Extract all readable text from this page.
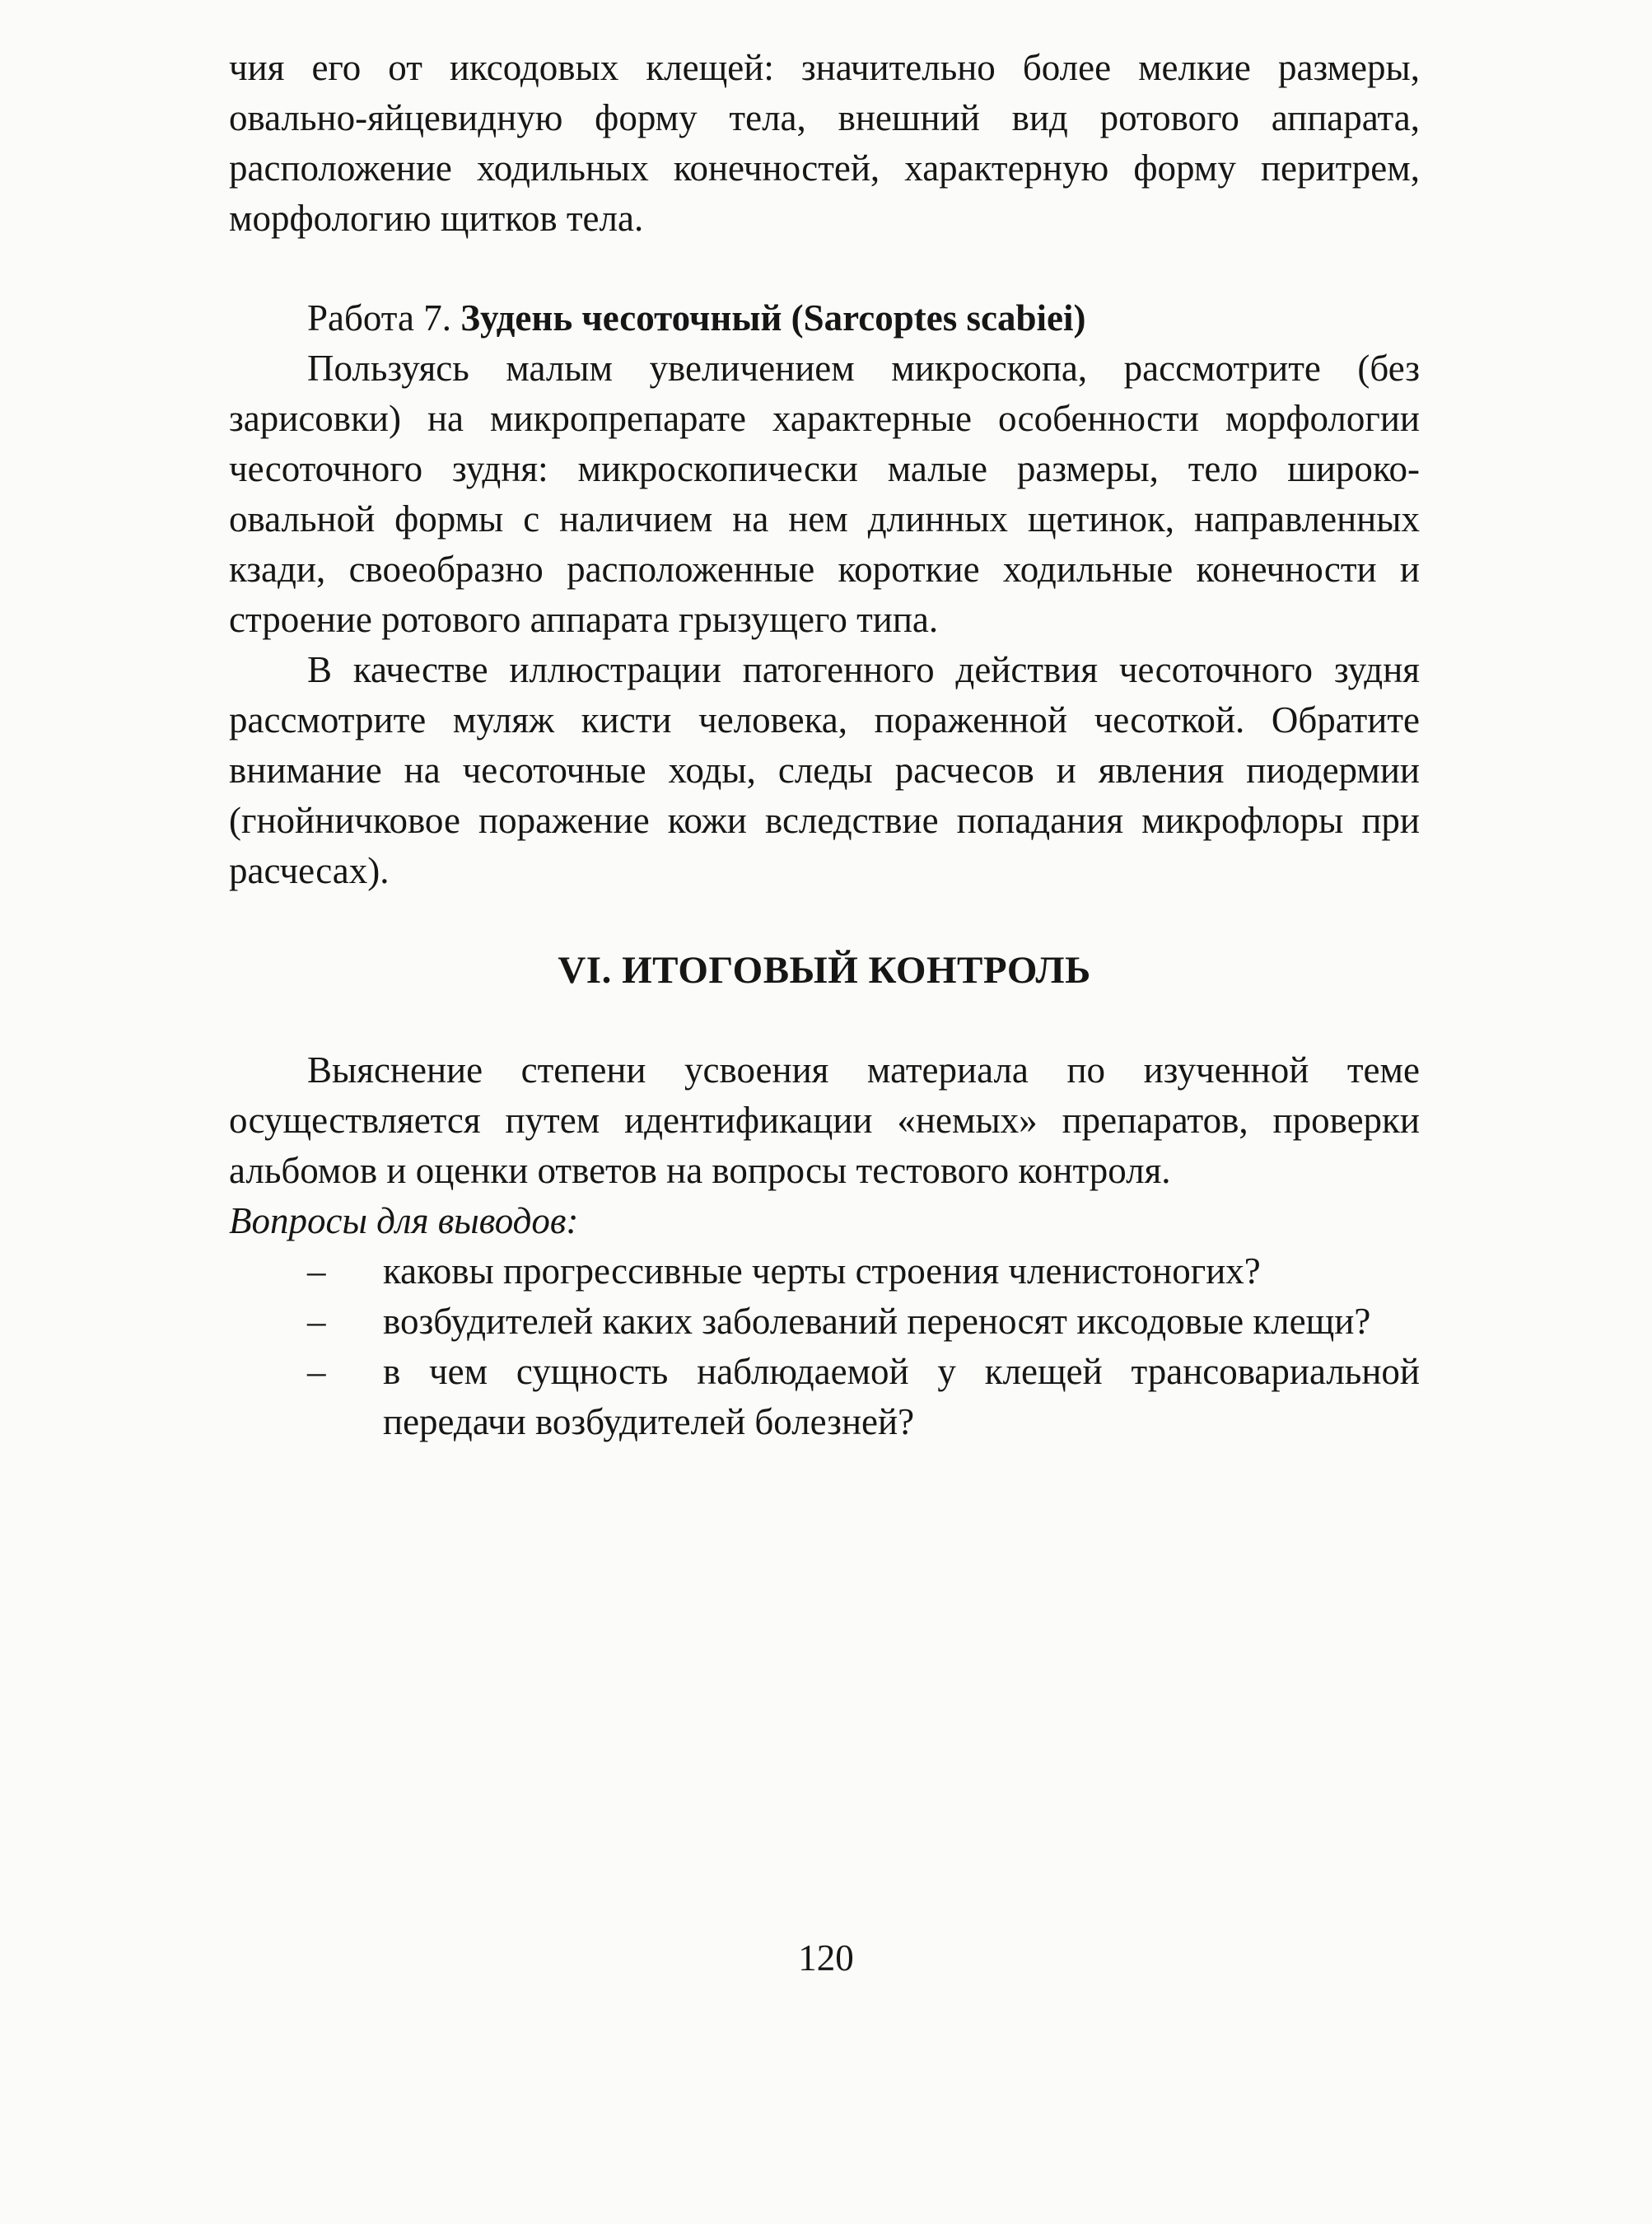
чия его от иксодовых клещей: значительно более мелкие размеры, овально-яйцевидную форму тела, внешний вид ротового аппарата, расположение ходильных конечностей, характерную форму перитрем, морфологию щитков тела.

Работа 7. Зудень чесоточный (Sarcoptes scabiei)

Пользуясь малым увеличением микроскопа, рассмотрите (без зарисовки) на микропрепарате характерные особенности морфологии чесоточного зудня: микроскопически малые размеры, тело широко-овальной формы с наличием на нем длинных щетинок, направленных кзади, своеобразно расположенные короткие ходильные конечности и строение ротового аппарата грызущего типа.

В качестве иллюстрации патогенного действия чесоточного зудня рассмотрите муляж кисти человека, пораженной чесоткой. Обратите внимание на чесоточные ходы, следы расчесов и явления пиодермии (гнойничковое поражение кожи вследствие попадания микрофлоры при расчесах).

VI. ИТОГОВЫЙ КОНТРОЛЬ

Выяснение степени усвоения материала по изученной теме осуществляется путем идентификации «немых» препаратов, проверки альбомов и оценки ответов на вопросы тестового контроля.

Вопросы для выводов:

– каковы прогрессивные черты строения членистоногих?
– возбудителей каких заболеваний переносят иксодовые клещи?
– в чем сущность наблюдаемой у клещей трансовариальной передачи возбудителей болезней?
120
